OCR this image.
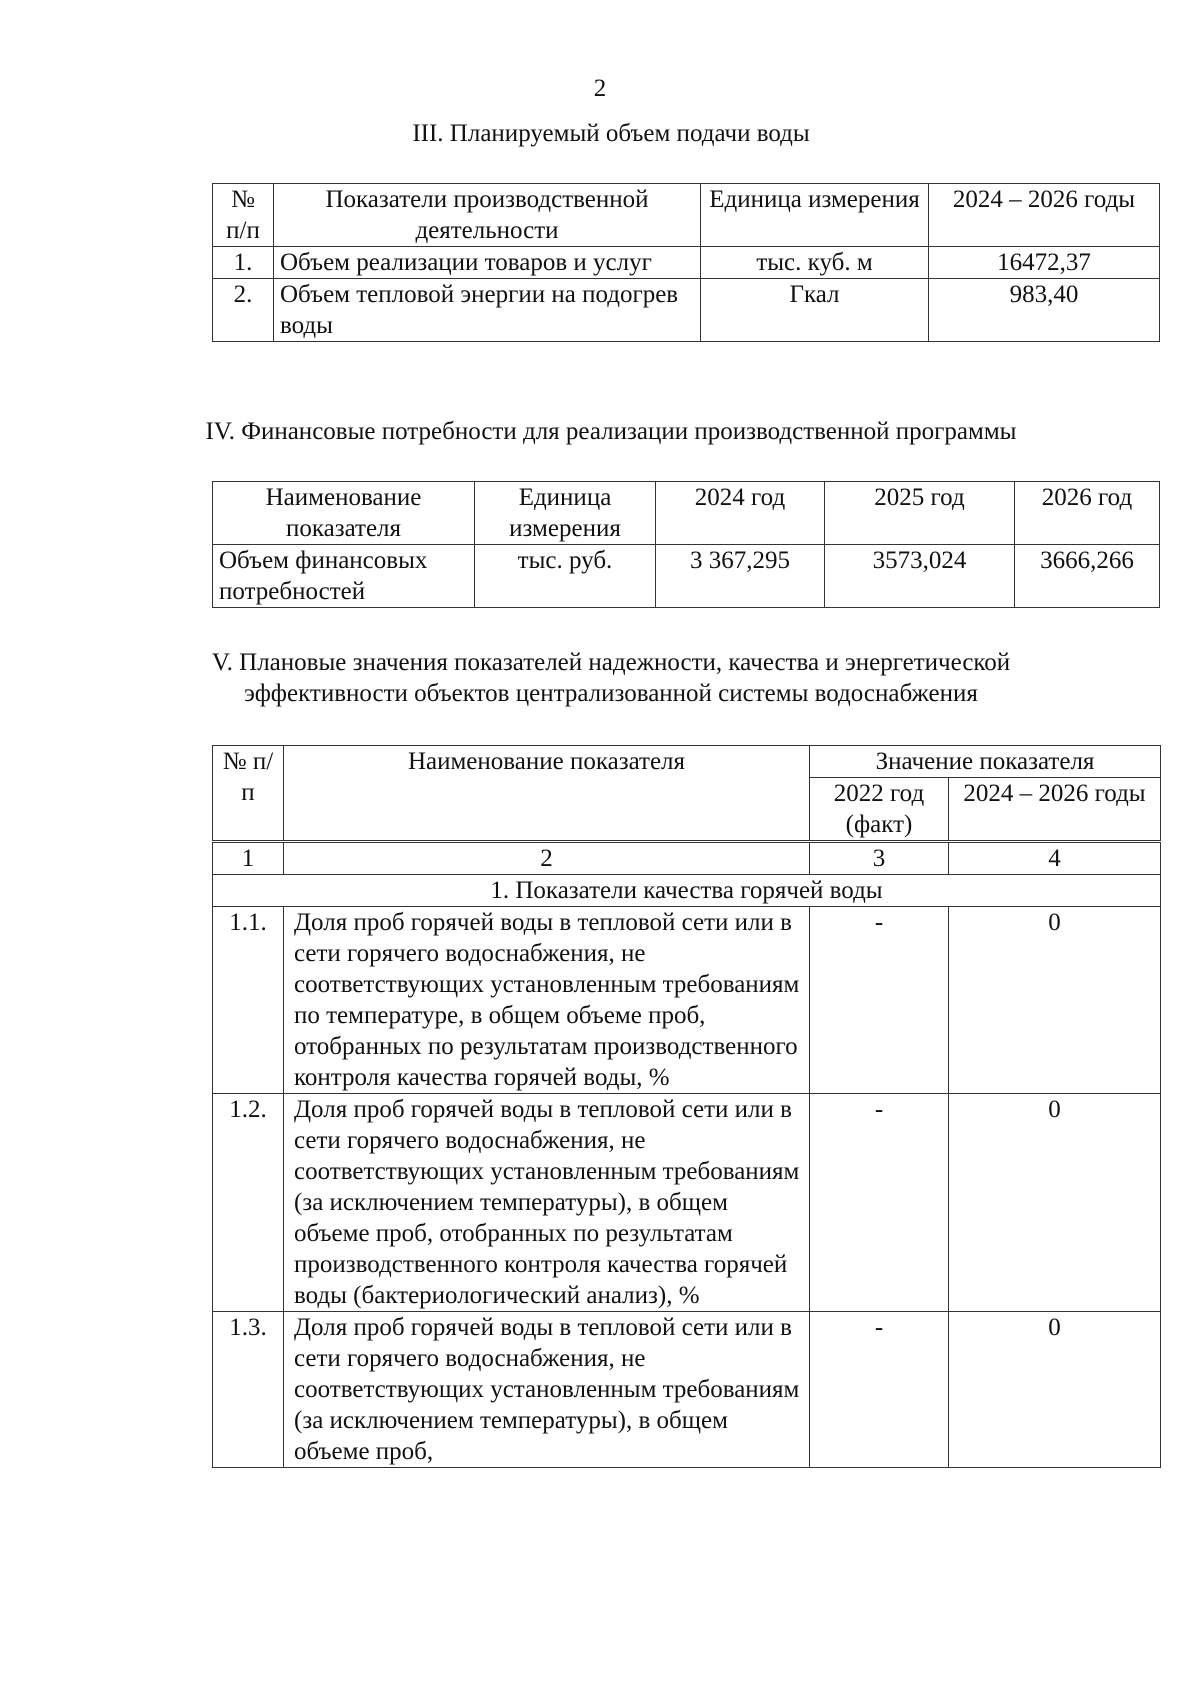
2
III. Планируемый объем подачи воды
№ п/п	Показатели производственной деятельности	Единица измерения	2024 – 2026 годы
1.	Объем реализации товаров и услуг	тыс. куб. м	16472,37
2.	Объем тепловой энергии на подогрев воды	Гкал	983,40
IV. Финансовые потребности для реализации производственной программы
Наименование показателя	Единица измерения	2024 год	2025 год	2026 год
Объем финансовых потребностей	тыс. руб.	3 367,295	3573,024	3666,266
V. Плановые значения показателей надежности, качества и энергетической
эффективности объектов централизованной системы водоснабжения
№ п/п	Наименование показателя	Значение показателя	
		2022 год (факт)	2024 – 2026 годы
1	2	3	4
1. Показатели качества горячей воды			
1.1.	Доля проб горячей воды в тепловой сети или в сети горячего водоснабжения, не соответствующих установленным требованиям по температуре, в общем объеме проб, отобранных по результатам производственного контроля качества горячей воды, %	-	0
1.2.	Доля проб горячей воды в тепловой сети или в сети горячего водоснабжения, не соответствующих установленным требованиям (за исключением температуры), в общем объеме проб, отобранных по результатам производственного контроля качества горячей воды (бактериологический анализ), %	-	0
1.3.	Доля проб горячей воды в тепловой сети или в сети горячего водоснабжения, не соответствующих установленным требованиям (за исключением температуры), в общем объеме проб,	-	0
